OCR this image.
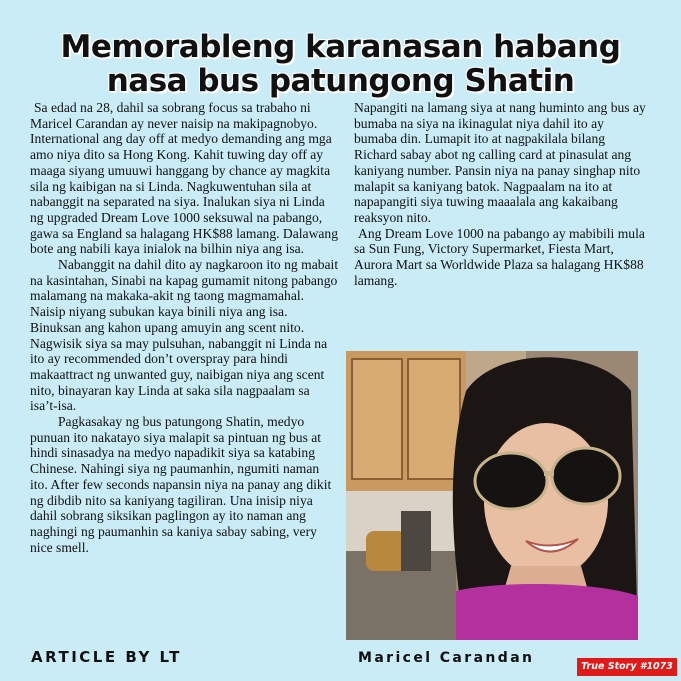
Memorableng karanasan habang
nasa bus patungong Shatin

Sa edad na 28, dahil sa sobrang focus sa trabaho ni Maricel Carandan ay never naisip na makipagnobyo. International ang day off at medyo demanding ang mga amo niya dito sa Hong Kong. Kahit tuwing day off ay maaga siyang umuuwi hanggang by chance ay magkita sila ng kaibigan na si Linda. Nagkuwentuhan sila at nabanggit na separated na siya. Inalukan siya ni Linda ng upgraded Dream Love 1000 seksuwal na pabango, gawa sa England sa halagang HK$88 lamang. Dalawang bote ang nabili kaya inialok na bilhin niya ang isa.

Nabanggit na dahil dito ay nagkaroon ito ng mabait na kasintahan, Sinabi na kapag gumamit nitong pabango malamang na makaka-akit ng taong magmamahal. Naisip niyang subukan kaya binili niya ang isa. Binuksan ang kahon upang amuyin ang scent nito. Nagwisik siya sa may pulsuhan, nabanggit ni Linda na ito ay recommended don’t overspray para hindi makaattract ng unwanted guy, naibigan niya ang scent nito, binayaran kay Linda at saka sila nagpaalam sa isa’t-isa.

Pagkasakay ng bus patungong Shatin, medyo punuan ito nakatayo siya malapit sa pintuan ng bus at hindi sinasadya na medyo napadikit siya sa katabing Chinese. Nahingi siya ng paumanhin, ngumiti naman ito. After few seconds napansin niya na panay ang dikit ng dibdib nito sa kaniyang tagiliran. Una inisip niya dahil sobrang siksikan paglingon ay ito naman ang naghingi ng paumanhin sa kaniya sabay sabing, very nice smell.

Napangiti na lamang siya at nang huminto ang bus ay bumaba na siya na ikinagulat niya dahil ito ay bumaba din. Lumapit ito at nagpakilala bilang Richard sabay abot ng calling card at pinasulat ang kaniyang number. Pansin niya na panay singhap nito malapit sa kaniyang batok. Nagpaalam na ito at napapangiti siya tuwing maaalala ang kakaibang reaksyon nito.

Ang Dream Love 1000 na pabango ay mabibili mula sa Sun Fung, Victory Supermarket, Fiesta Mart, Aurora Mart sa Worldwide Plaza sa halagang HK$88 lamang.

ARTICLE BY LT	Maricel Carandan
True Story #1073
